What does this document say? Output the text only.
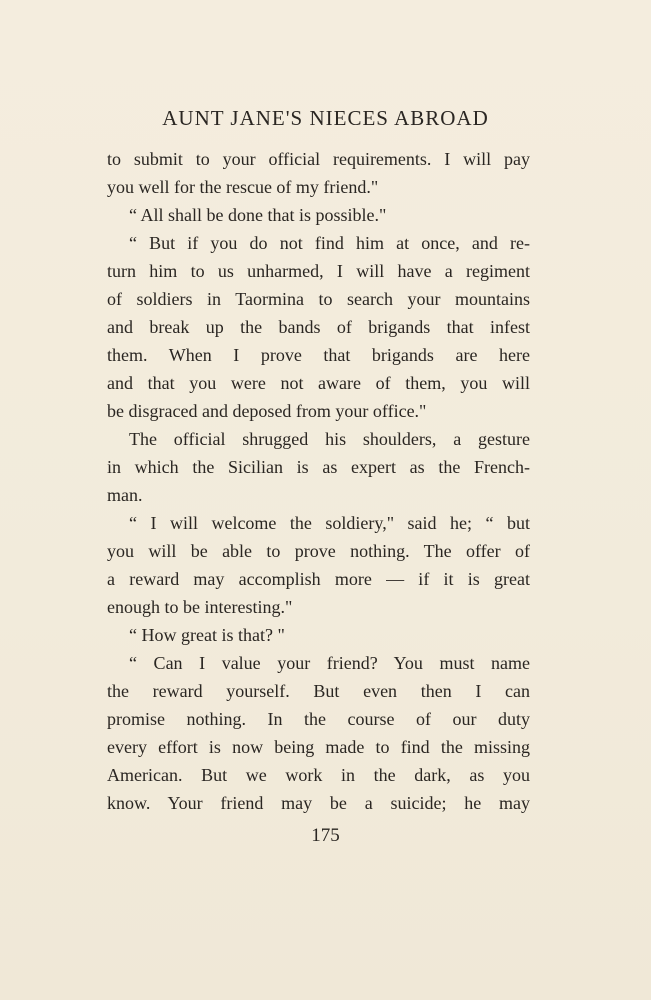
AUNT JANE'S NIECES ABROAD
to submit to your official requirements. I will pay
you well for the rescue of my friend."
“ All shall be done that is possible."
“ But if you do not find him at once, and re-
turn him to us unharmed, I will have a regiment
of soldiers in Taormina to search your mountains
and break up the bands of brigands that infest
them. When I prove that brigands are here
and that you were not aware of them, you will
be disgraced and deposed from your office."
The official shrugged his shoulders, a gesture
in which the Sicilian is as expert as the French-
man.
“ I will welcome the soldiery," said he; “ but
you will be able to prove nothing. The offer of
a reward may accomplish more — if it is great
enough to be interesting."
“ How great is that? "
“ Can I value your friend? You must name
the reward yourself. But even then I can
promise nothing. In the course of our duty
every effort is now being made to find the missing
American. But we work in the dark, as you
know. Your friend may be a suicide; he may
175
